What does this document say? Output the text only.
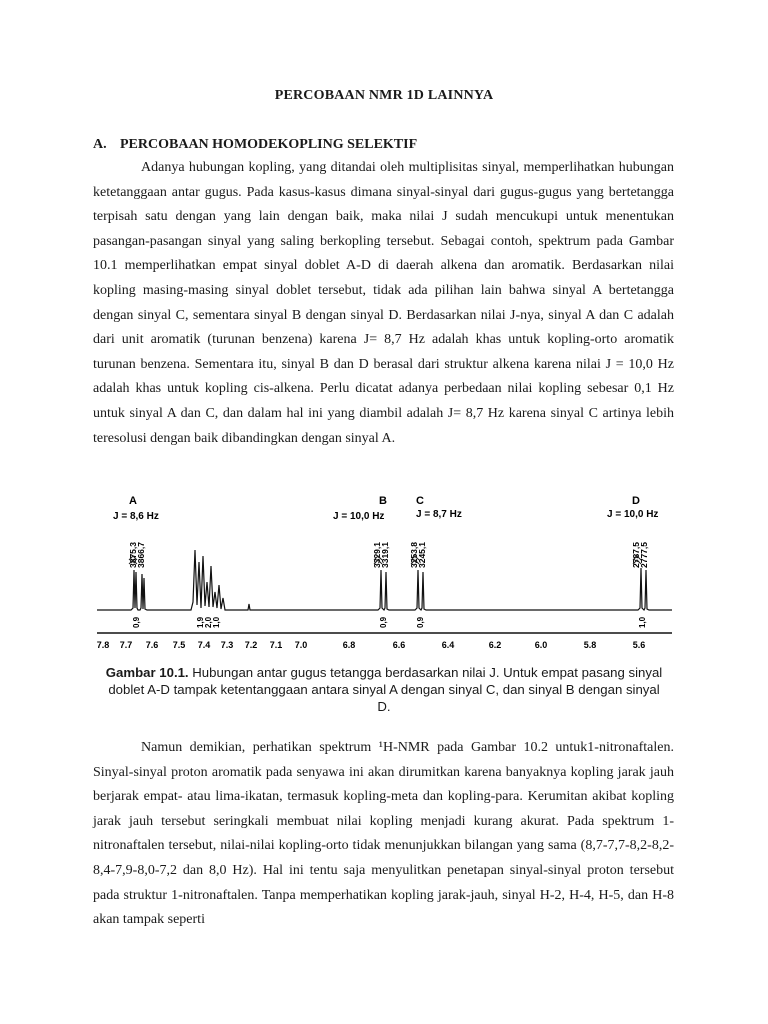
PERCOBAAN NMR 1D LAINNYA
A. PERCOBAAN HOMODEKOPLING SELEKTIF
Adanya hubungan kopling, yang ditandai oleh multiplisitas sinyal, memperlihatkan hubungan ketetanggaan antar gugus. Pada kasus-kasus dimana sinyal-sinyal dari gugus-gugus yang bertetangga terpisah satu dengan yang lain dengan baik, maka nilai J sudah mencukupi untuk menentukan pasangan-pasangan sinyal yang saling berkopling tersebut. Sebagai contoh, spektrum pada Gambar 10.1 memperlihatkan empat sinyal doblet A-D di daerah alkena dan aromatik. Berdasarkan nilai kopling masing-masing sinyal doblet tersebut, tidak ada pilihan lain bahwa sinyal A bertetangga dengan sinyal C, sementara sinyal B dengan sinyal D. Berdasarkan nilai J-nya, sinyal A dan C adalah dari unit aromatik (turunan benzena) karena J= 8,7 Hz adalah khas untuk kopling-orto aromatik turunan benzena. Sementara itu, sinyal B dan D berasal dari struktur alkena karena nilai J = 10,0 Hz adalah khas untuk kopling cis-alkena. Perlu dicatat adanya perbedaan nilai kopling sebesar 0,1 Hz untuk sinyal A dan C, dan dalam hal ini yang diambil adalah J= 8,7 Hz karena sinyal C artinya lebih teresolusi dengan baik dibandingkan dengan sinyal A.
A	B	C	D
J = 8,6 Hz	J = 10,0 Hz	J = 8,7 Hz	J = 10,0 Hz
3875,3
3866,7	3329,1
3319,1 3253,8
3245,1	2787,5
2777,5
0,9	1,9 2,0 1,0	0,9	0,9	1,0
7.8 7.7 7.6 7.5 7.4 7.3 7.2 7.1 7.0	6.8	6.6	6.4	6.2	6.0	5.8	5.6
Gambar 10.1. Hubungan antar gugus tetangga berdasarkan nilai J. Untuk empat pasang sinyal doblet A-D tampak ketentanggaan antara sinyal A dengan sinyal C, dan sinyal B dengan sinyal D.
Namun demikian, perhatikan spektrum ¹H-NMR pada Gambar 10.2 untuk1-nitronaftalen. Sinyal-sinyal proton aromatik pada senyawa ini akan dirumitkan karena banyaknya kopling jarak jauh berjarak empat- atau lima-ikatan, termasuk kopling-meta dan kopling-para. Kerumitan akibat kopling jarak jauh tersebut seringkali membuat nilai kopling menjadi kurang akurat. Pada spektrum 1-nitronaftalen tersebut, nilai-nilai kopling-orto tidak menunjukkan bilangan yang sama (8,7-7,7-8,2-8,2-8,4-7,9-8,0-7,2 dan 8,0 Hz). Hal ini tentu saja menyulitkan penetapan sinyal-sinyal proton tersebut pada struktur 1-nitronaftalen. Tanpa memperhatikan kopling jarak-jauh, sinyal H-2, H-4, H-5, dan H-8 akan tampak seperti
